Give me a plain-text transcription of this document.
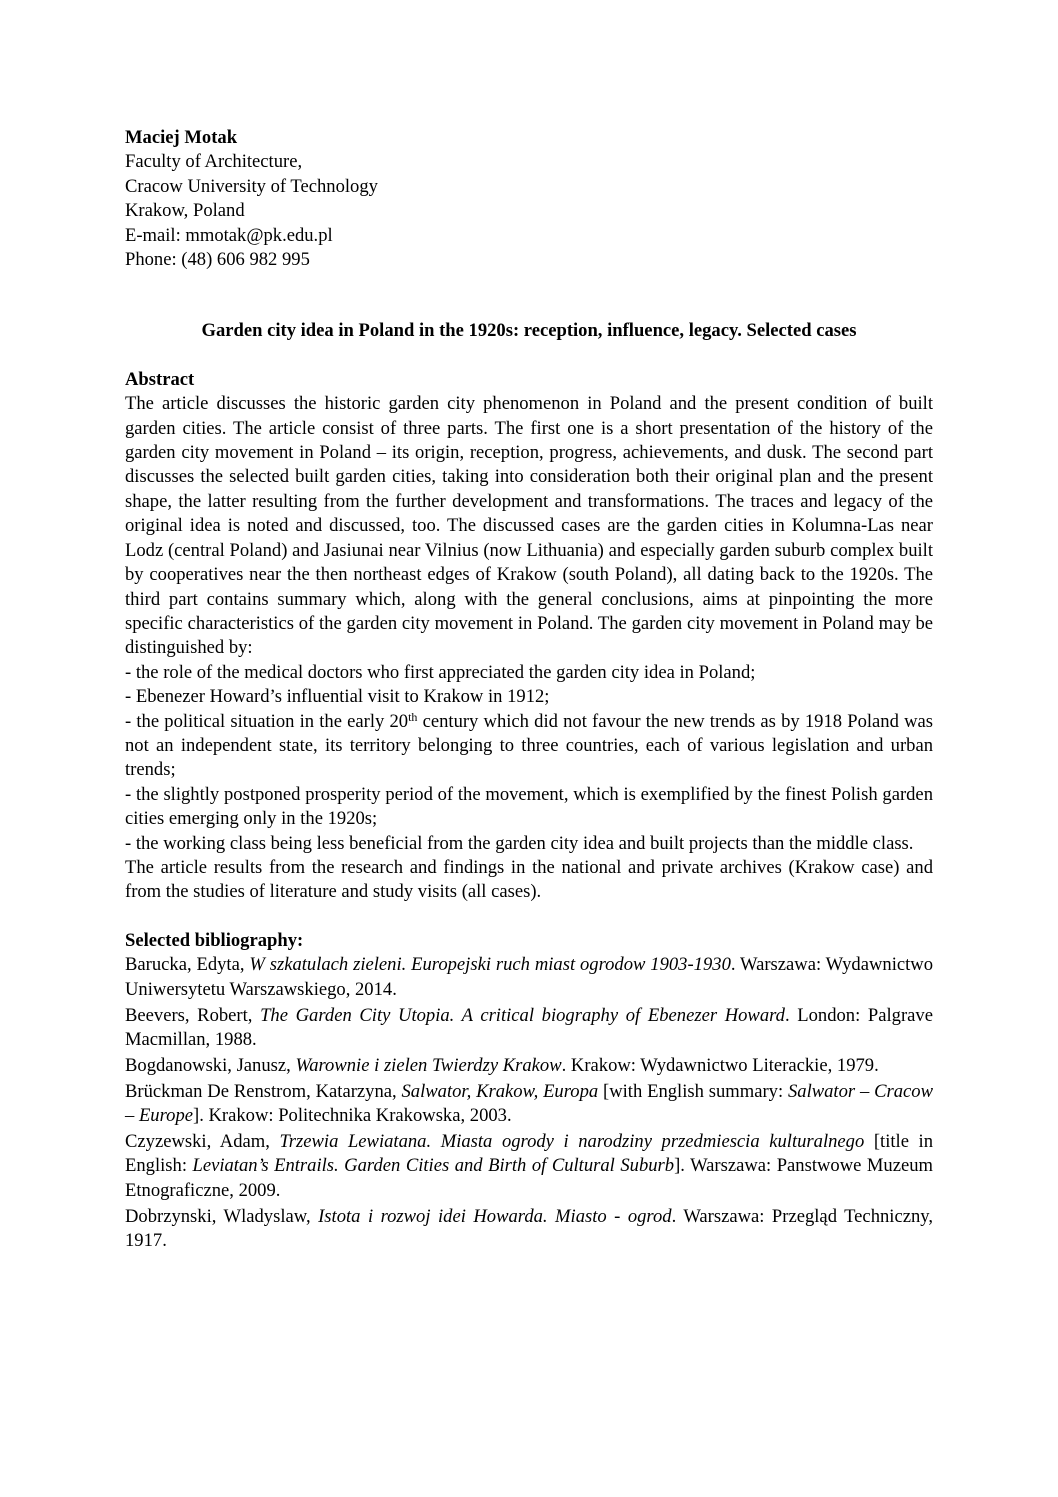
Maciej Motak
Faculty of Architecture,
Cracow University of Technology
Krakow, Poland
E-mail: mmotak@pk.edu.pl
Phone: (48) 606 982 995
Garden city idea in Poland in the 1920s: reception, influence, legacy. Selected cases
Abstract

The article discusses the historic garden city phenomenon in Poland and the present condition of built garden cities. The article consist of three parts. The first one is a short presentation of the history of the garden city movement in Poland – its origin, reception, progress, achievements, and dusk. The second part discusses the selected built garden cities, taking into consideration both their original plan and the present shape, the latter resulting from the further development and transformations. The traces and legacy of the original idea is noted and discussed, too. The discussed cases are the garden cities in Kolumna-Las near Lodz (central Poland) and Jasiunai near Vilnius (now Lithuania) and especially garden suburb complex built by cooperatives near the then northeast edges of Krakow (south Poland), all dating back to the 1920s. The third part contains summary which, along with the general conclusions, aims at pinpointing the more specific characteristics of the garden city movement in Poland. The garden city movement in Poland may be distinguished by:

- the role of the medical doctors who first appreciated the garden city idea in Poland;

- Ebenezer Howard’s influential visit to Krakow in 1912;

- the political situation in the early 20th century which did not favour the new trends as by 1918 Poland was not an independent state, its territory belonging to three countries, each of various legislation and urban trends;

- the slightly postponed prosperity period of the movement, which is exemplified by the finest Polish garden cities emerging only in the 1920s;

- the working class being less beneficial from the garden city idea and built projects than the middle class.

The article results from the research and findings in the national and private archives (Krakow case) and from the studies of literature and study visits (all cases).

Selected bibliography:

Barucka, Edyta, W szkatulach zieleni. Europejski ruch miast ogrodow 1903-1930. Warszawa: Wydawnictwo Uniwersytetu Warszawskiego, 2014.

Beevers, Robert, The Garden City Utopia. A critical biography of Ebenezer Howard. London: Palgrave Macmillan, 1988.

Bogdanowski, Janusz, Warownie i zielen Twierdzy Krakow. Krakow: Wydawnictwo Literackie, 1979.

Brückman De Renstrom, Katarzyna, Salwator, Krakow, Europa [with English summary: Salwator – Cracow – Europe]. Krakow: Politechnika Krakowska, 2003.

Czyzewski, Adam, Trzewia Lewiatana. Miasta ogrody i narodziny przedmiescia kulturalnego [title in English: Leviatan’s Entrails. Garden Cities and Birth of Cultural Suburb]. Warszawa: Panstwowe Muzeum Etnograficzne, 2009.

Dobrzynski, Wladyslaw, Istota i rozwoj idei Howarda. Miasto - ogrod. Warszawa: Przegląd Techniczny, 1917.
